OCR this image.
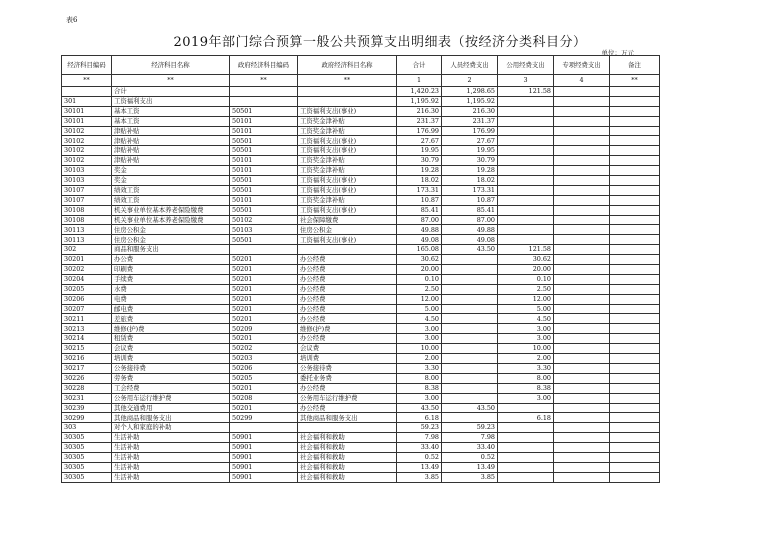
表6
2019年部门综合预算一般公共预算支出明细表（按经济分类科目分）
单位：万元
经济科目编码	经济科目名称	政府经济科目编码	政府经济科目名称	合计	人员经费支出	公用经费支出	专项经费支出	备注
**	**	**	**	1	2	3	4	**
	合计			1,420.23	1,298.65	121.58		
301	工资福利支出			1,195.92	1,195.92			
30101	基本工资	50501	工资福利支出(事业)	216.30	216.30			
30101	基本工资	50101	工资奖金津补贴	231.37	231.37			
30102	津贴补贴	50101	工资奖金津补贴	176.99	176.99			
30102	津贴补贴	50501	工资福利支出(事业)	27.67	27.67			
30102	津贴补贴	50501	工资福利支出(事业)	19.95	19.95			
30102	津贴补贴	50101	工资奖金津补贴	30.79	30.79			
30103	奖金	50101	工资奖金津补贴	19.28	19.28			
30103	奖金	50501	工资福利支出(事业)	18.02	18.02			
30107	绩效工资	50501	工资福利支出(事业)	173.31	173.31			
30107	绩效工资	50101	工资奖金津补贴	10.87	10.87			
30108	机关事业单位基本养老保险缴费	50501	工资福利支出(事业)	85.41	85.41			
30108	机关事业单位基本养老保险缴费	50102	社会保障缴费	87.00	87.00			
30113	住房公积金	50103	住房公积金	49.88	49.88			
30113	住房公积金	50501	工资福利支出(事业)	49.08	49.08			
302	商品和服务支出			165.08	43.50	121.58		
30201	办公费	50201	办公经费	30.62		30.62		
30202	印刷费	50201	办公经费	20.00		20.00		
30204	手续费	50201	办公经费	0.10		0.10		
30205	水费	50201	办公经费	2.50		2.50		
30206	电费	50201	办公经费	12.00		12.00		
30207	邮电费	50201	办公经费	5.00		5.00		
30211	差旅费	50201	办公经费	4.50		4.50		
30213	维修(护)费	50209	维修(护)费	3.00		3.00		
30214	租赁费	50201	办公经费	3.00		3.00		
30215	会议费	50202	会议费	10.00		10.00		
30216	培训费	50203	培训费	2.00		2.00		
30217	公务接待费	50206	公务接待费	3.30		3.30		
30226	劳务费	50205	委托业务费	8.00		8.00		
30228	工会经费	50201	办公经费	8.38		8.38		
30231	公务用车运行维护费	50208	公务用车运行维护费	3.00		3.00		
30239	其他交通费用	50201	办公经费	43.50	43.50			
30299	其他商品和服务支出	50299	其他商品和服务支出	6.18		6.18		
303	对个人和家庭的补助			59.23	59.23			
30305	生活补助	50901	社会福利和救助	7.98	7.98			
30305	生活补助	50901	社会福利和救助	33.40	33.40			
30305	生活补助	50901	社会福利和救助	0.52	0.52			
30305	生活补助	50901	社会福利和救助	13.49	13.49			
30305	生活补助	50901	社会福利和救助	3.85	3.85			
